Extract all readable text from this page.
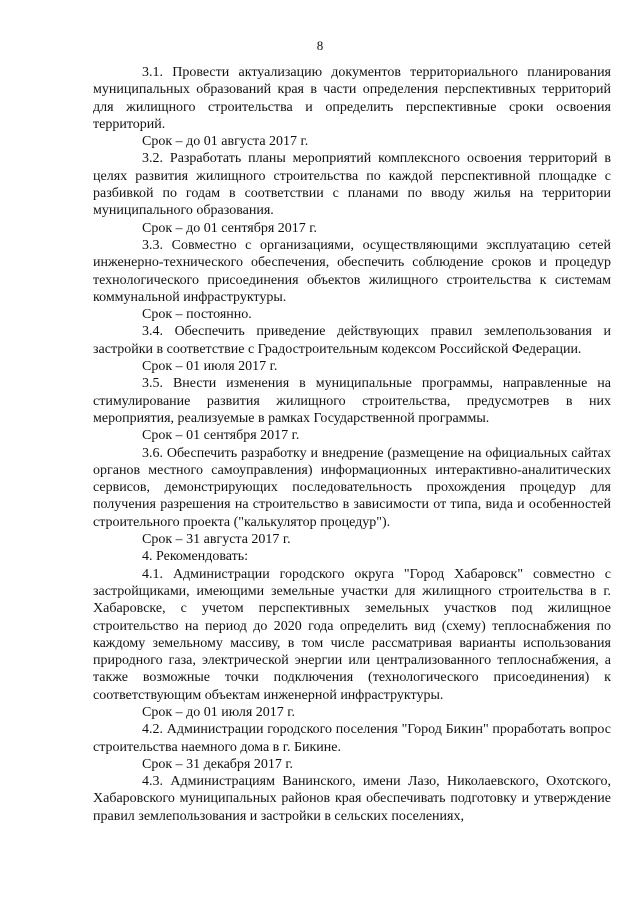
8

3.1. Провести актуализацию документов территориального планирования муниципальных образований края в части определения перспективных территорий для жилищного строительства и определить перспективные сроки освоения территорий.

Срок – до 01 августа 2017 г.

3.2. Разработать планы мероприятий комплексного освоения территорий в целях развития жилищного строительства по каждой перспективной площадке с разбивкой по годам в соответствии с планами по вводу жилья на территории муниципального образования.

Срок – до 01 сентября 2017 г.

3.3. Совместно с организациями, осуществляющими эксплуатацию сетей инженерно-технического обеспечения, обеспечить соблюдение сроков и процедур технологического присоединения объектов жилищного строительства к системам коммунальной инфраструктуры.

Срок – постоянно.

3.4. Обеспечить приведение действующих правил землепользования и застройки в соответствие с Градостроительным кодексом Российской Федерации.

Срок – 01 июля 2017 г.

3.5. Внести изменения в муниципальные программы, направленные на стимулирование развития жилищного строительства, предусмотрев в них мероприятия, реализуемые в рамках Государственной программы.

Срок – 01 сентября 2017 г.

3.6. Обеспечить разработку и внедрение (размещение на официальных сайтах органов местного самоуправления) информационных интерактивно-аналитических сервисов, демонстрирующих последовательность прохождения процедур для получения разрешения на строительство в зависимости от типа, вида и особенностей строительного проекта ("калькулятор процедур").

Срок – 31 августа 2017 г.

4. Рекомендовать:

4.1. Администрации городского округа "Город Хабаровск" совместно с застройщиками, имеющими земельные участки для жилищного строительства в г. Хабаровске, с учетом перспективных земельных участков под жилищное строительство на период до 2020 года определить вид (схему) теплоснабжения по каждому земельному массиву, в том числе рассматривая варианты использования природного газа, электрической энергии или централизованного теплоснабжения, а также возможные точки подключения (технологического присоединения) к соответствующим объектам инженерной инфраструктуры.

Срок – до 01 июля 2017 г.

4.2. Администрации городского поселения "Город Бикин" проработать вопрос строительства наемного дома в г. Бикине.

Срок – 31 декабря 2017 г.

4.3. Администрациям Ванинского, имени Лазо, Николаевского, Охотского, Хабаровского муниципальных районов края обеспечивать подготовку и утверждение правил землепользования и застройки в сельских поселениях,
